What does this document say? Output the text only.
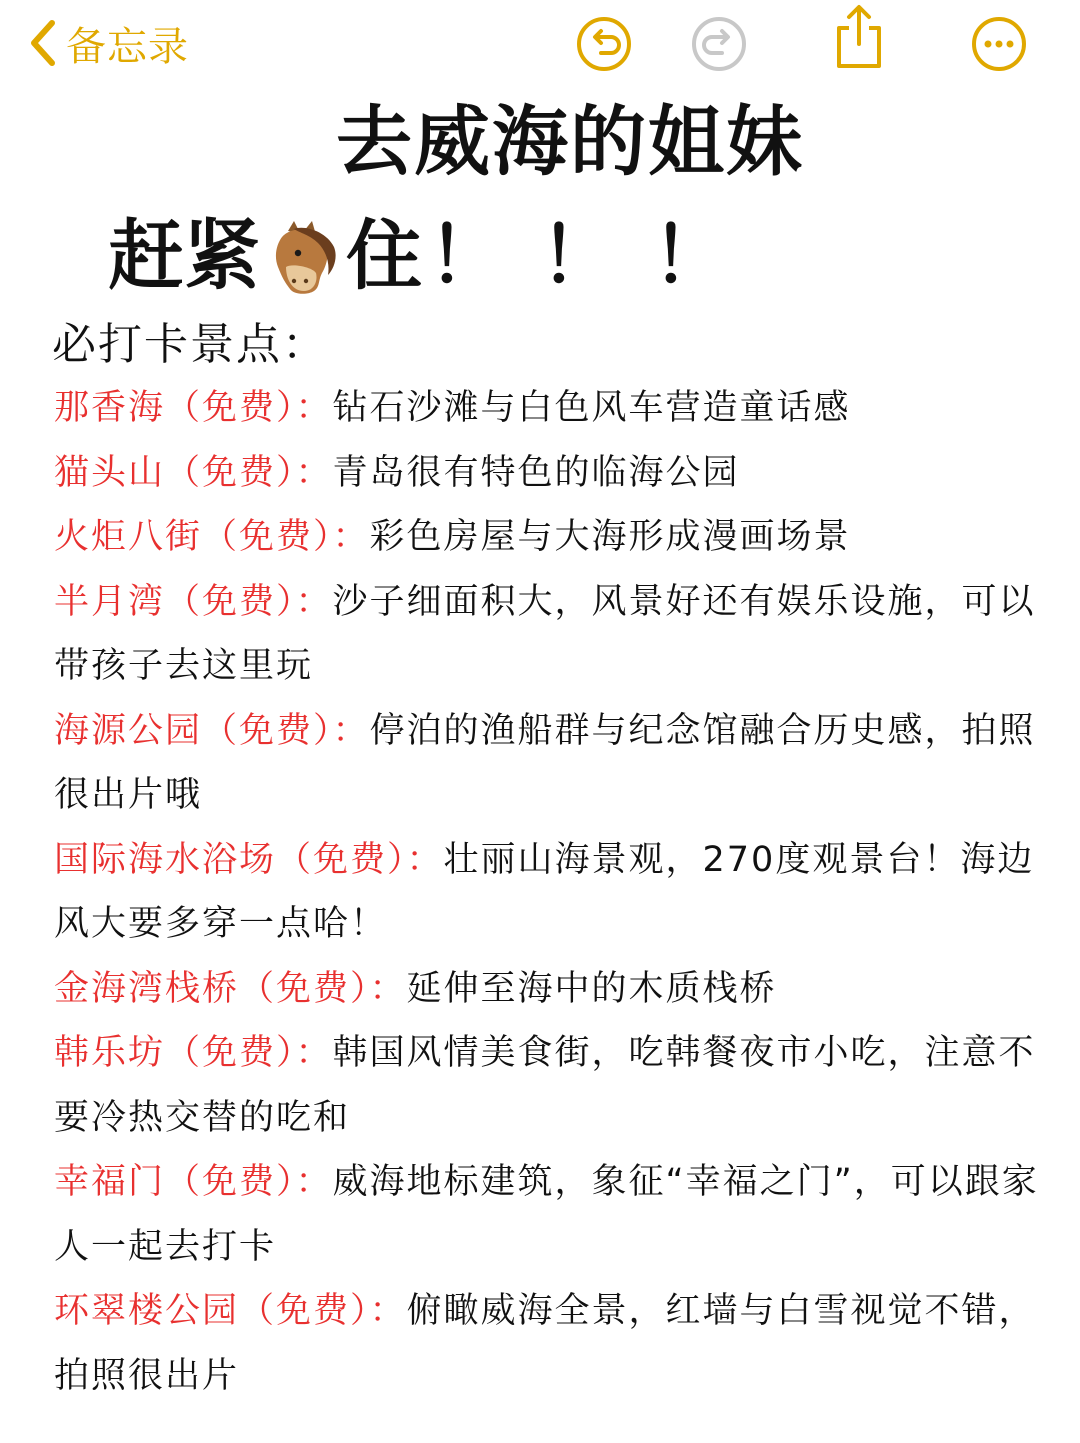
备忘录
去威海的姐妹
赶紧 住 ！！！
必打卡景点：
那香海（免费）：钻石沙滩与白色风车营造童话感
猫头山（免费）：青岛很有特色的临海公园
火炬八街（免费）：彩色房屋与大海形成漫画场景
半月湾（免费）：沙子细面积大，风景好还有娱乐设施，可以带孩子去这里玩
海源公园（免费）：停泊的渔船群与纪念馆融合历史感，拍照很出片哦
国际海水浴场（免费）：壮丽山海景观，270度观景台！海边风大要多穿一点哈！
金海湾栈桥（免费）：延伸至海中的木质栈桥
韩乐坊（免费）：韩国风情美食街，吃韩餐夜市小吃，注意不要冷热交替的吃和
幸福门（免费）：威海地标建筑，象征“幸福之门”，可以跟家人一起去打卡
环翠楼公园（免费）：俯瞰威海全景，红墙与白雪视觉不错，拍照很出片
